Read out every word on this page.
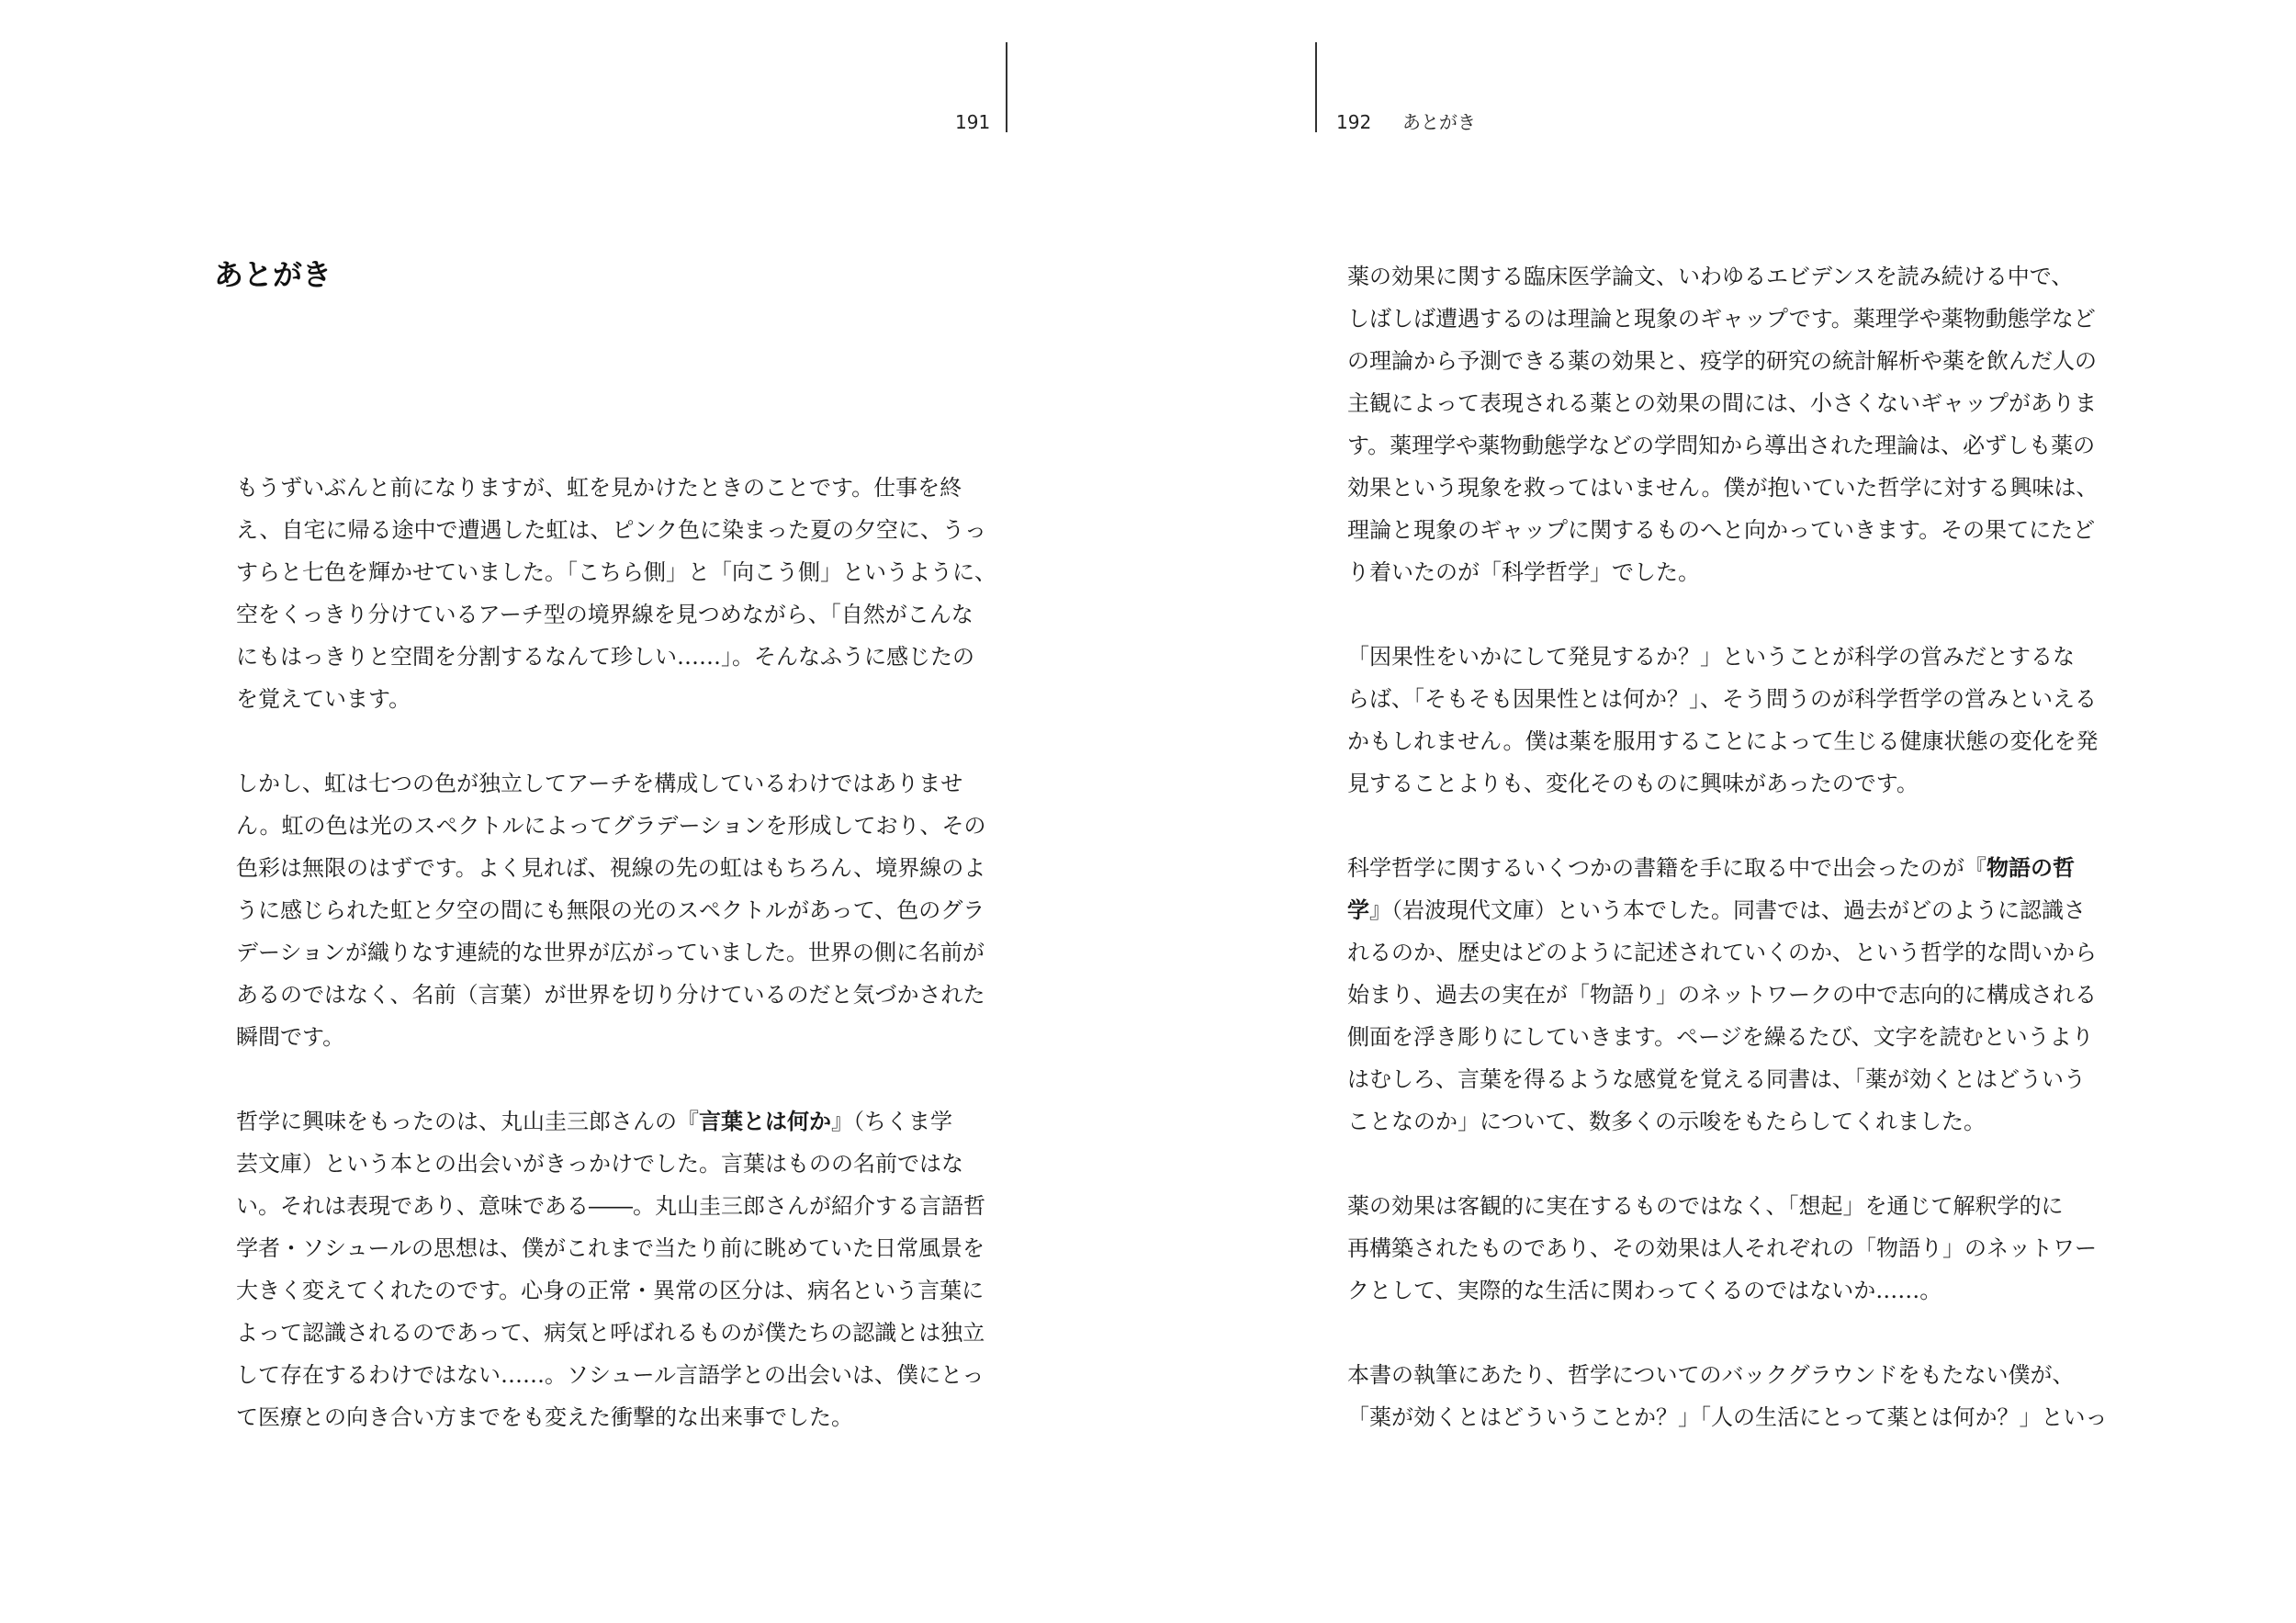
191	192 あとがき
あとがき

もうずいぶんと前になりますが、虹を見かけたときのことです。仕事を終
え、自宅に帰る途中で遭遇した虹は、ピンク色に染まった夏の夕空に、うっ
すらと七色を輝かせていました。「こちら側」と「向こう側」というように、
空をくっきり分けているアーチ型の境界線を見つめながら、「自然がこんな
にもはっきりと空間を分割するなんて珍しい……」。そんなふうに感じたの
を覚えています。

しかし、虹は七つの色が独立してアーチを構成しているわけではありませ
ん。虹の色は光のスペクトルによってグラデーションを形成しており、その
色彩は無限のはずです。よく見れば、視線の先の虹はもちろん、境界線のよ
うに感じられた虹と夕空の間にも無限の光のスペクトルがあって、色のグラ
デーションが織りなす連続的な世界が広がっていました。世界の側に名前が
あるのではなく、名前（言葉）が世界を切り分けているのだと気づかされた
瞬間です。

哲学に興味をもったのは、丸山圭三郎さんの『言葉とは何か』（ちくま学
芸文庫）という本との出会いがきっかけでした。言葉はものの名前ではな
い。それは表現であり、意味である――。丸山圭三郎さんが紹介する言語哲
学者・ソシュールの思想は、僕がこれまで当たり前に眺めていた日常風景を
大きく変えてくれたのです。心身の正常・異常の区分は、病名という言葉に
よって認識されるのであって、病気と呼ばれるものが僕たちの認識とは独立
して存在するわけではない……。ソシュール言語学との出会いは、僕にとっ
て医療との向き合い方までをも変えた衝撃的な出来事でした。

薬の効果に関する臨床医学論文、いわゆるエビデンスを読み続ける中で、
しばしば遭遇するのは理論と現象のギャップです。薬理学や薬物動態学など
の理論から予測できる薬の効果と、疫学的研究の統計解析や薬を飲んだ人の
主観によって表現される薬との効果の間には、小さくないギャップがありま
す。薬理学や薬物動態学などの学問知から導出された理論は、必ずしも薬の
効果という現象を救ってはいません。僕が抱いていた哲学に対する興味は、
理論と現象のギャップに関するものへと向かっていきます。その果てにたど
り着いたのが「科学哲学」でした。

「因果性をいかにして発見するか？」ということが科学の営みだとするな
らば、「そもそも因果性とは何か？」、そう問うのが科学哲学の営みといえる
かもしれません。僕は薬を服用することによって生じる健康状態の変化を発
見することよりも、変化そのものに興味があったのです。

科学哲学に関するいくつかの書籍を手に取る中で出会ったのが『物語の哲
学』（岩波現代文庫）という本でした。同書では、過去がどのように認識さ
れるのか、歴史はどのように記述されていくのか、という哲学的な問いから
始まり、過去の実在が「物語り」のネットワークの中で志向的に構成される
側面を浮き彫りにしていきます。ページを繰るたび、文字を読むというより
はむしろ、言葉を得るような感覚を覚える同書は、「薬が効くとはどういう
ことなのか」について、数多くの示唆をもたらしてくれました。

薬の効果は客観的に実在するものではなく、「想起」を通じて解釈学的に
再構築されたものであり、その効果は人それぞれの「物語り」のネットワー
クとして、実際的な生活に関わってくるのではないか……。

本書の執筆にあたり、哲学についてのバックグラウンドをもたない僕が、
「薬が効くとはどういうことか？」「人の生活にとって薬とは何か？」といっ
